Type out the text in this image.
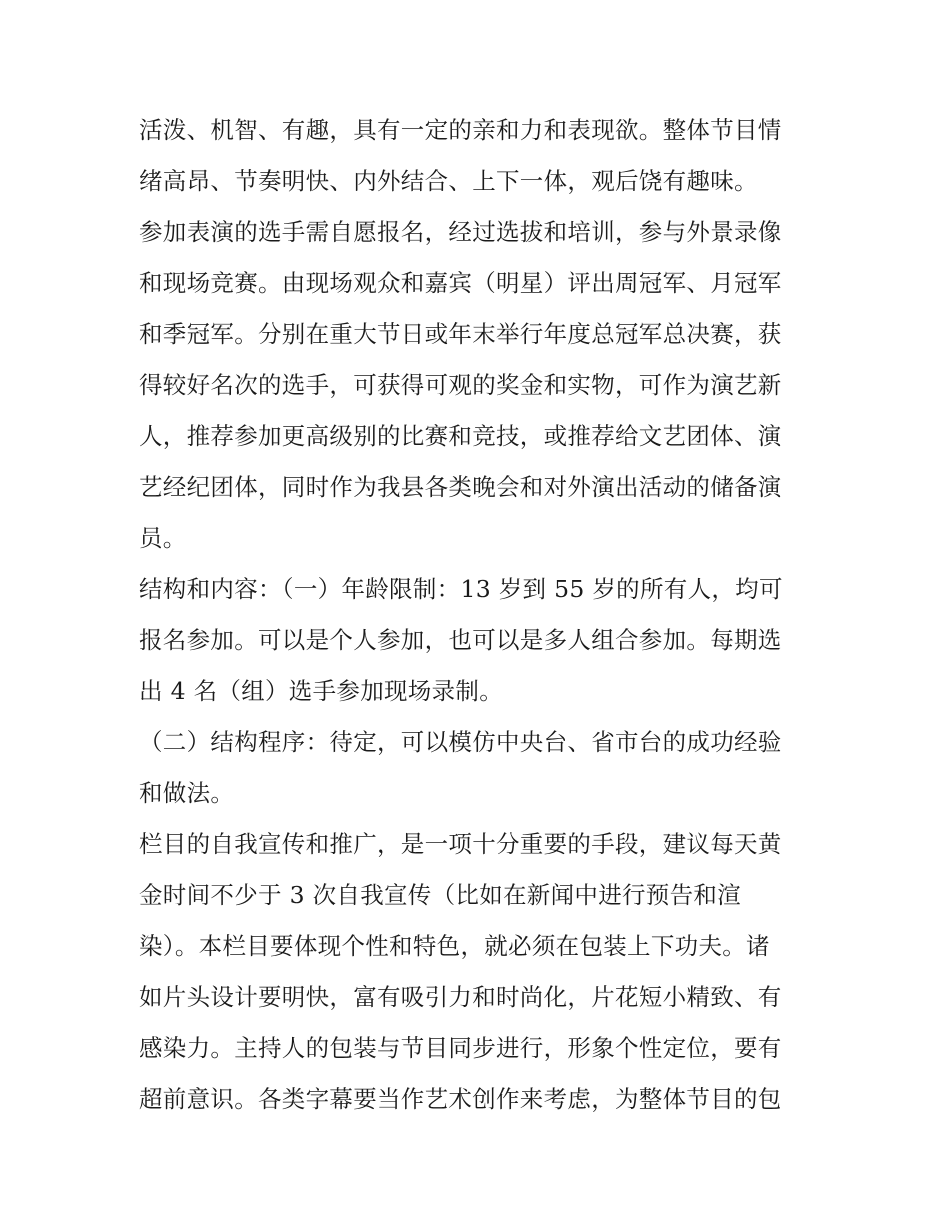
活泼、机智、有趣，具有一定的亲和力和表现欲。整体节目情
绪高昂、节奏明快、内外结合、上下一体，观后饶有趣味。
参加表演的选手需自愿报名，经过选拔和培训，参与外景录像
和现场竞赛。由现场观众和嘉宾（明星）评出周冠军、月冠军
和季冠军。分别在重大节日或年末举行年度总冠军总决赛，获
得较好名次的选手，可获得可观的奖金和实物，可作为演艺新
人，推荐参加更高级别的比赛和竞技，或推荐给文艺团体、演
艺经纪团体，同时作为我县各类晚会和对外演出活动的储备演
员。
结构和内容：（一）年龄限制：13 岁到 55 岁的所有人，均可
报名参加。可以是个人参加，也可以是多人组合参加。每期选
出 4 名（组）选手参加现场录制。
（二）结构程序：待定，可以模仿中央台、省市台的成功经验
和做法。
栏目的自我宣传和推广，是一项十分重要的手段，建议每天黄
金时间不少于 3 次自我宣传（比如在新闻中进行预告和渲
染）。本栏目要体现个性和特色，就必须在包装上下功夫。诸
如片头设计要明快，富有吸引力和时尚化，片花短小精致、有
感染力。主持人的包装与节目同步进行，形象个性定位，要有
超前意识。各类字幕要当作艺术创作来考虑，为整体节目的包
